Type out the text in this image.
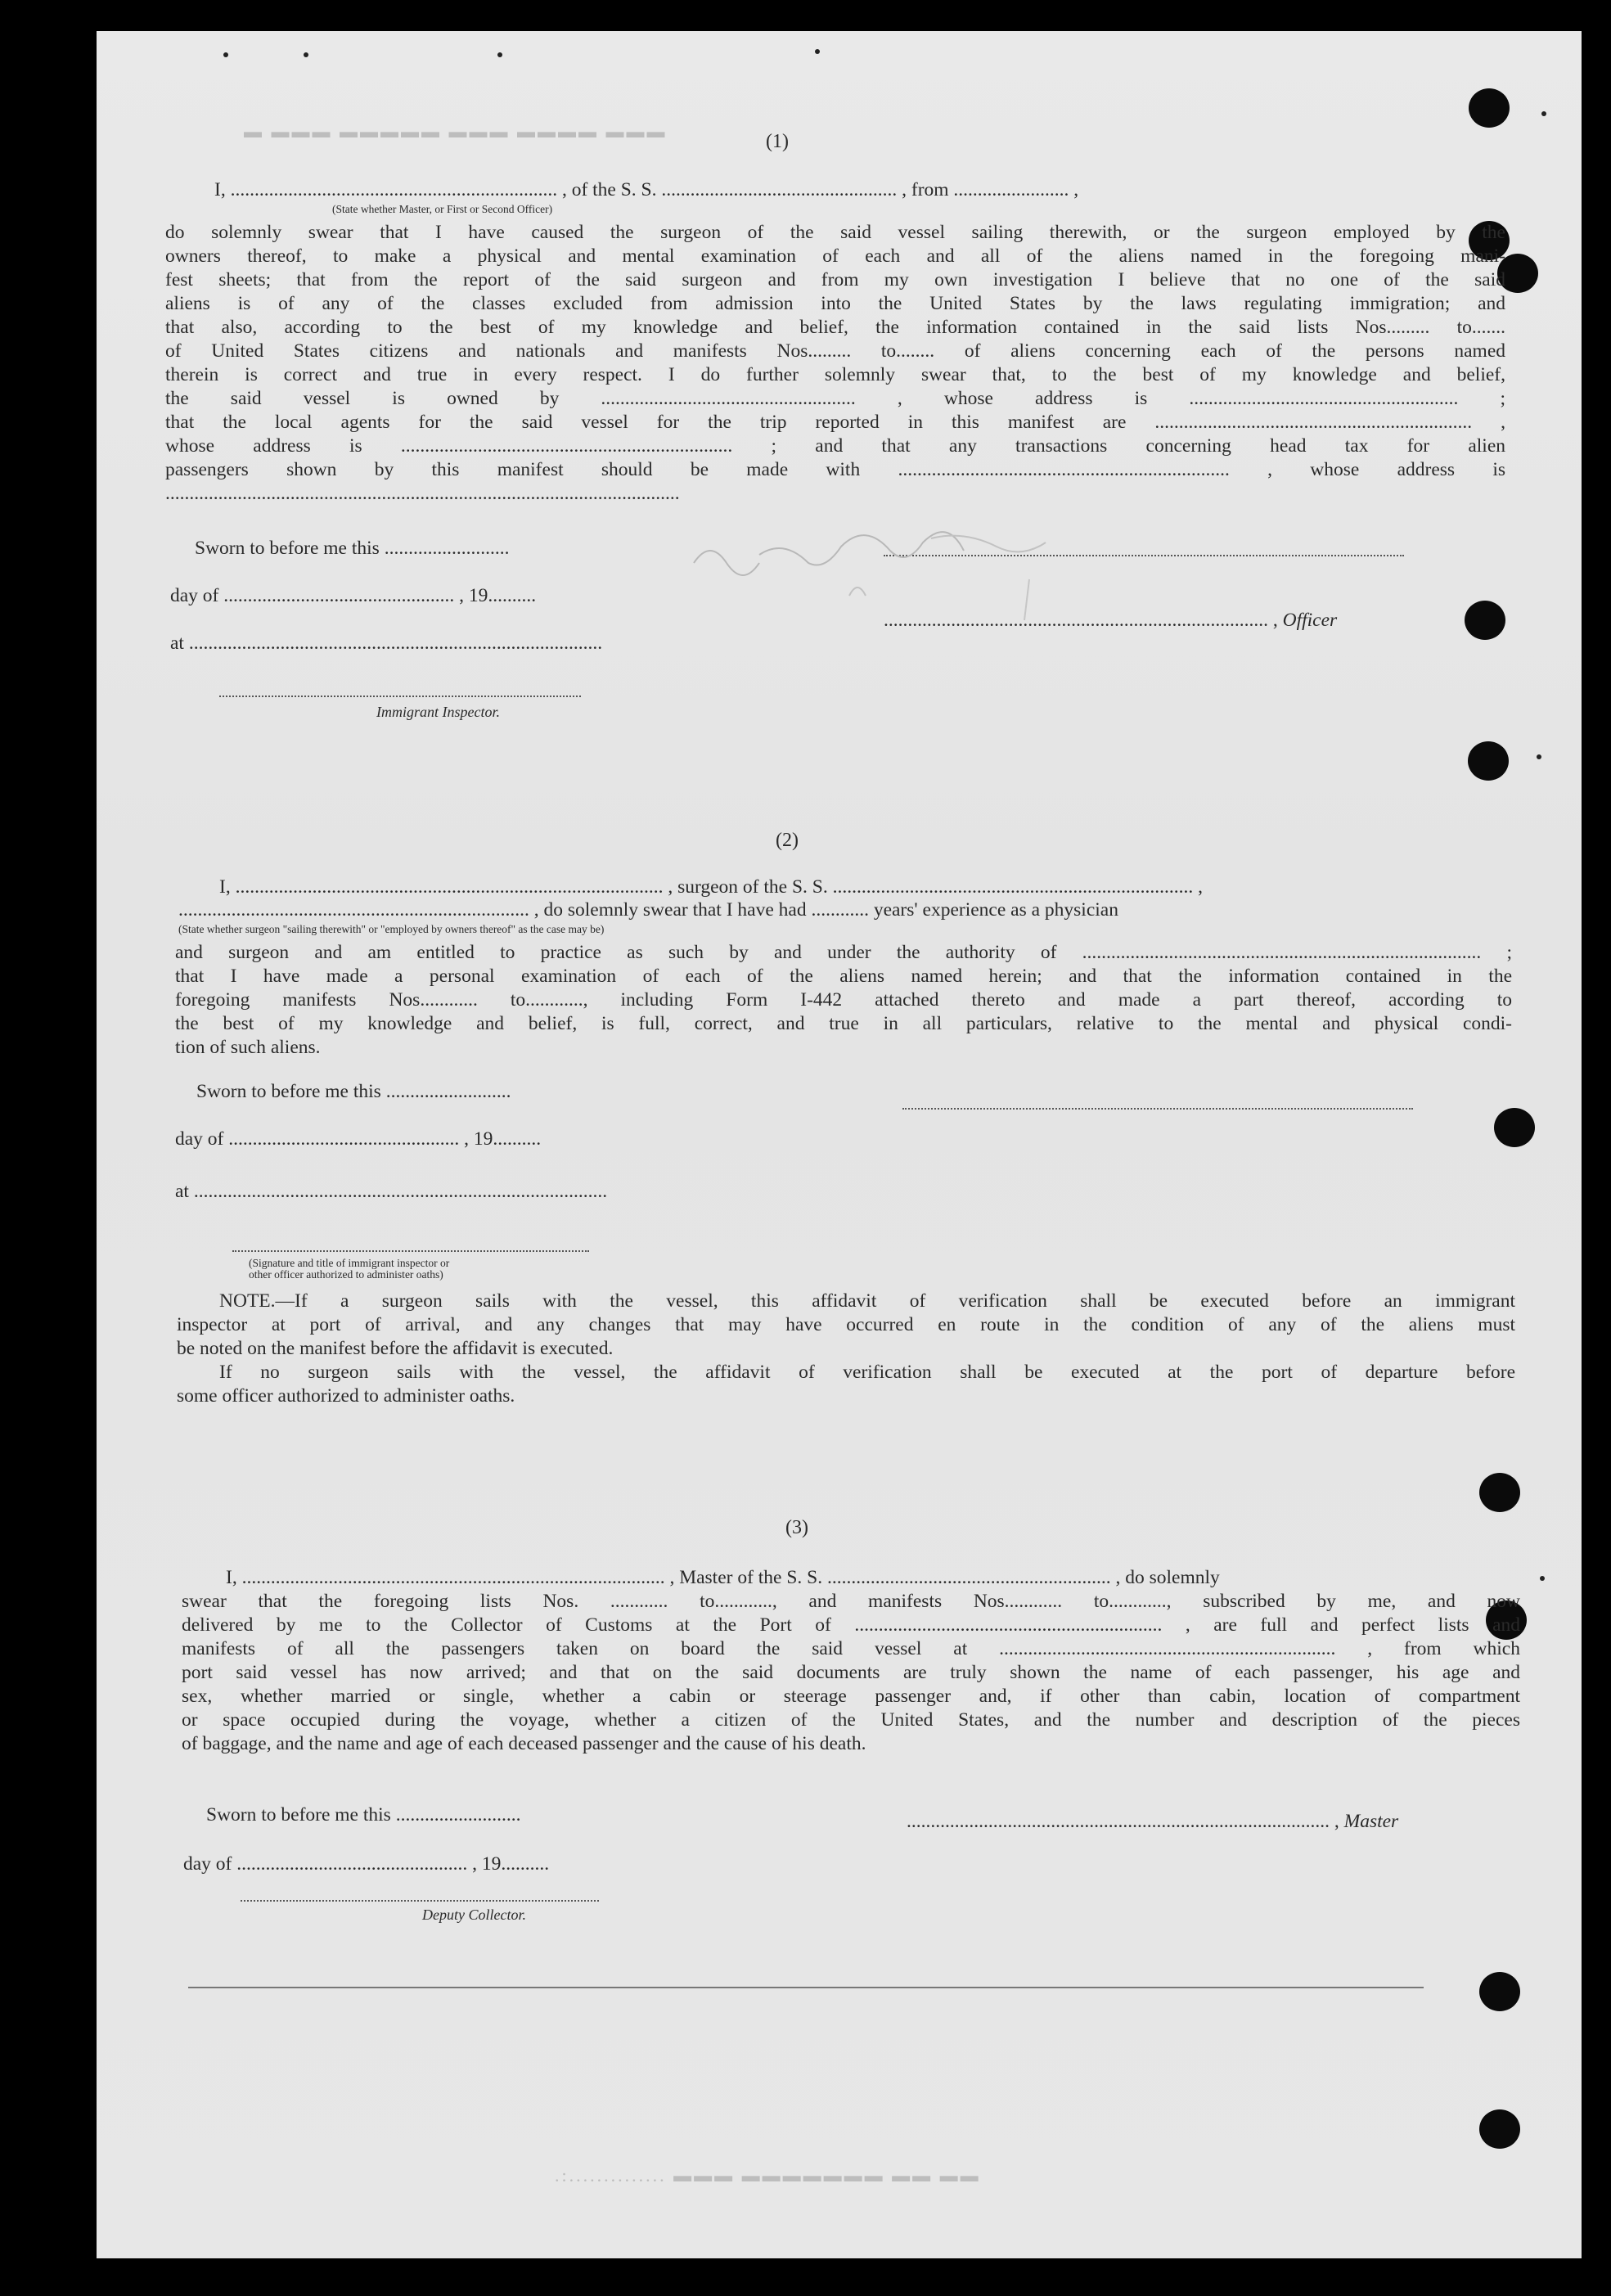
▬ ▬▬▬ ▬▬▬▬▬ ▬▬▬ ▬▬▬▬ ▬▬▬	(1)
I, .................................................................... , of the S. S. ................................................. , from ........................ ,
(State whether Master, or First or Second Officer)
do solemnly swear that I have caused the surgeon of the said vessel sailing therewith, or the surgeon employed by the
owners thereof, to make a physical and mental examination of each and all of the aliens named in the foregoing mani-
fest sheets; that from the report of the said surgeon and from my own investigation I believe that no one of the said
aliens is of any of the classes excluded from admission into the United States by the laws regulating immigration; and
that also, according to the best of my knowledge and belief, the information contained in the said lists Nos......... to.......
of United States citizens and nationals and manifests Nos......... to........ of aliens concerning each of the persons named
therein is correct and true in every respect. I do further solemnly swear that, to the best of my knowledge and belief,
the said vessel is owned by ..................................................... , whose address is ........................................................ ;
that the local agents for the said vessel for the trip reported in this manifest are .................................................................. ,
whose address is ..................................................................... ; and that any transactions concerning head tax for alien
passengers shown by this manifest should be made with ..................................................................... , whose address is
...........................................................................................................
Sworn to before me this ..........................
day of ................................................ , 19..........
at ......................................................................................
Immigrant Inspector.
................................................................................ , Officer
(2)
I, ......................................................................................... , surgeon of the S. S. ........................................................................... ,
......................................................................... , do solemnly swear that I have had ............ years' experience as a physician
(State whether surgeon "sailing therewith" or "employed by owners thereof" as the case may be)
and surgeon and am entitled to practice as such by and under the authority of ................................................................................... ;
that I have made a personal examination of each of the aliens named herein; and that the information contained in the
foregoing manifests Nos............ to............, including Form I-442 attached thereto and made a part thereof, according to
the best of my knowledge and belief, is full, correct, and true in all particulars, relative to the mental and physical condi-
tion of such aliens.
Sworn to before me this ..........................
day of ................................................ , 19..........
at ......................................................................................
(Signature and title of immigrant inspector or
other officer authorized to administer oaths)
NOTE.—If a surgeon sails with the vessel, this affidavit of verification shall be executed before an immigrant
inspector at port of arrival, and any changes that may have occurred en route in the condition of any of the aliens must
be noted on the manifest before the affidavit is executed.
If no surgeon sails with the vessel, the affidavit of verification shall be executed at the port of departure before
some officer authorized to administer oaths.
(3)
I, ........................................................................................ , Master of the S. S. ........................................................... , do solemnly
swear that the foregoing lists Nos. ............ to............, and manifests Nos............ to............, subscribed by me, and now
delivered by me to the Collector of Customs at the Port of ................................................................ , are full and perfect lists and
manifests of all the passengers taken on board the said vessel at ...................................................................... , from which
port said vessel has now arrived; and that on the said documents are truly shown the name of each passenger, his age and
sex, whether married or single, whether a cabin or steerage passenger and, if other than cabin, location of compartment
or space occupied during the voyage, whether a citizen of the United States, and the number and description of the pieces
of baggage, and the name and age of each deceased passenger and the cause of his death.
Sworn to before me this ..........................	........................................................................................ , Master
day of ................................................ , 19..........
Deputy Collector.
.:.............. ▬▬▬ ▬▬▬▬▬▬▬ ▬▬ ▬▬
